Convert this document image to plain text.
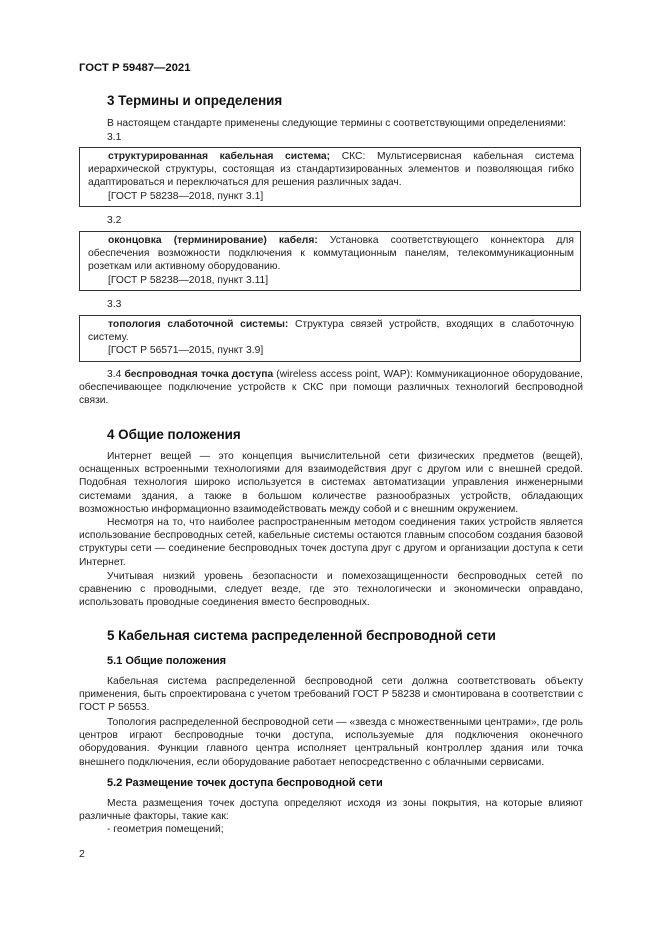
ГОСТ Р 59487—2021
3 Термины и определения

В настоящем стандарте применены следующие термины с соответствующими определениями:

3.1

структурированная кабельная система; СКС: Мультисервисная кабельная система иерархической структуры, состоящая из стандартизированных элементов и позволяющая гибко адаптироваться и переключаться для решения различных задач.

[ГОСТ Р 58238—2018, пункт 3.1]

3.2

оконцовка (терминирование) кабеля: Установка соответствующего коннектора для обеспечения возможности подключения к коммутационным панелям, телекоммуникационным розеткам или активному оборудованию.

[ГОСТ Р 58238—2018, пункт 3.11]

3.3

топология слаботочной системы: Структура связей устройств, входящих в слаботочную систему.

[ГОСТ Р 56571—2015, пункт 3.9]

3.4 беспроводная точка доступа (wireless access point, WAP): Коммуникационное оборудование, обеспечивающее подключение устройств к СКС при помощи различных технологий беспроводной связи.

4 Общие положения

Интернет вещей — это концепция вычислительной сети физических предметов (вещей), оснащенных встроенными технологиями для взаимодействия друг с другом или с внешней средой. Подобная технология широко используется в системах автоматизации управления инженерными системами здания, а также в большом количестве разнообразных устройств, обладающих возможностью информационно взаимодействовать между собой и с внешним окружением.

Несмотря на то, что наиболее распространенным методом соединения таких устройств является использование беспроводных сетей, кабельные системы остаются главным способом создания базовой структуры сети — соединение беспроводных точек доступа друг с другом и организации доступа к сети Интернет.

Учитывая низкий уровень безопасности и помехозащищенности беспроводных сетей по сравнению с проводными, следует везде, где это технологически и экономически оправдано, использовать проводные соединения вместо беспроводных.

5 Кабельная система распределенной беспроводной сети
5.1 Общие положения

Кабельная система распределенной беспроводной сети должна соответствовать объекту применения, быть спроектирована с учетом требований ГОСТ Р 58238 и смонтирована в соответствии с ГОСТ Р 56553.

Топология распределенной беспроводной сети — «звезда с множественными центрами», где роль центров играют беспроводные точки доступа, используемые для подключения оконечного оборудования. Функции главного центра исполняет центральный контроллер здания или точка внешнего подключения, если оборудование работает непосредственно с облачными сервисами.

5.2 Размещение точек доступа беспроводной сети

Места размещения точек доступа определяют исходя из зоны покрытия, на которые влияют различные факторы, такие как:

- геометрия помещений;

2
